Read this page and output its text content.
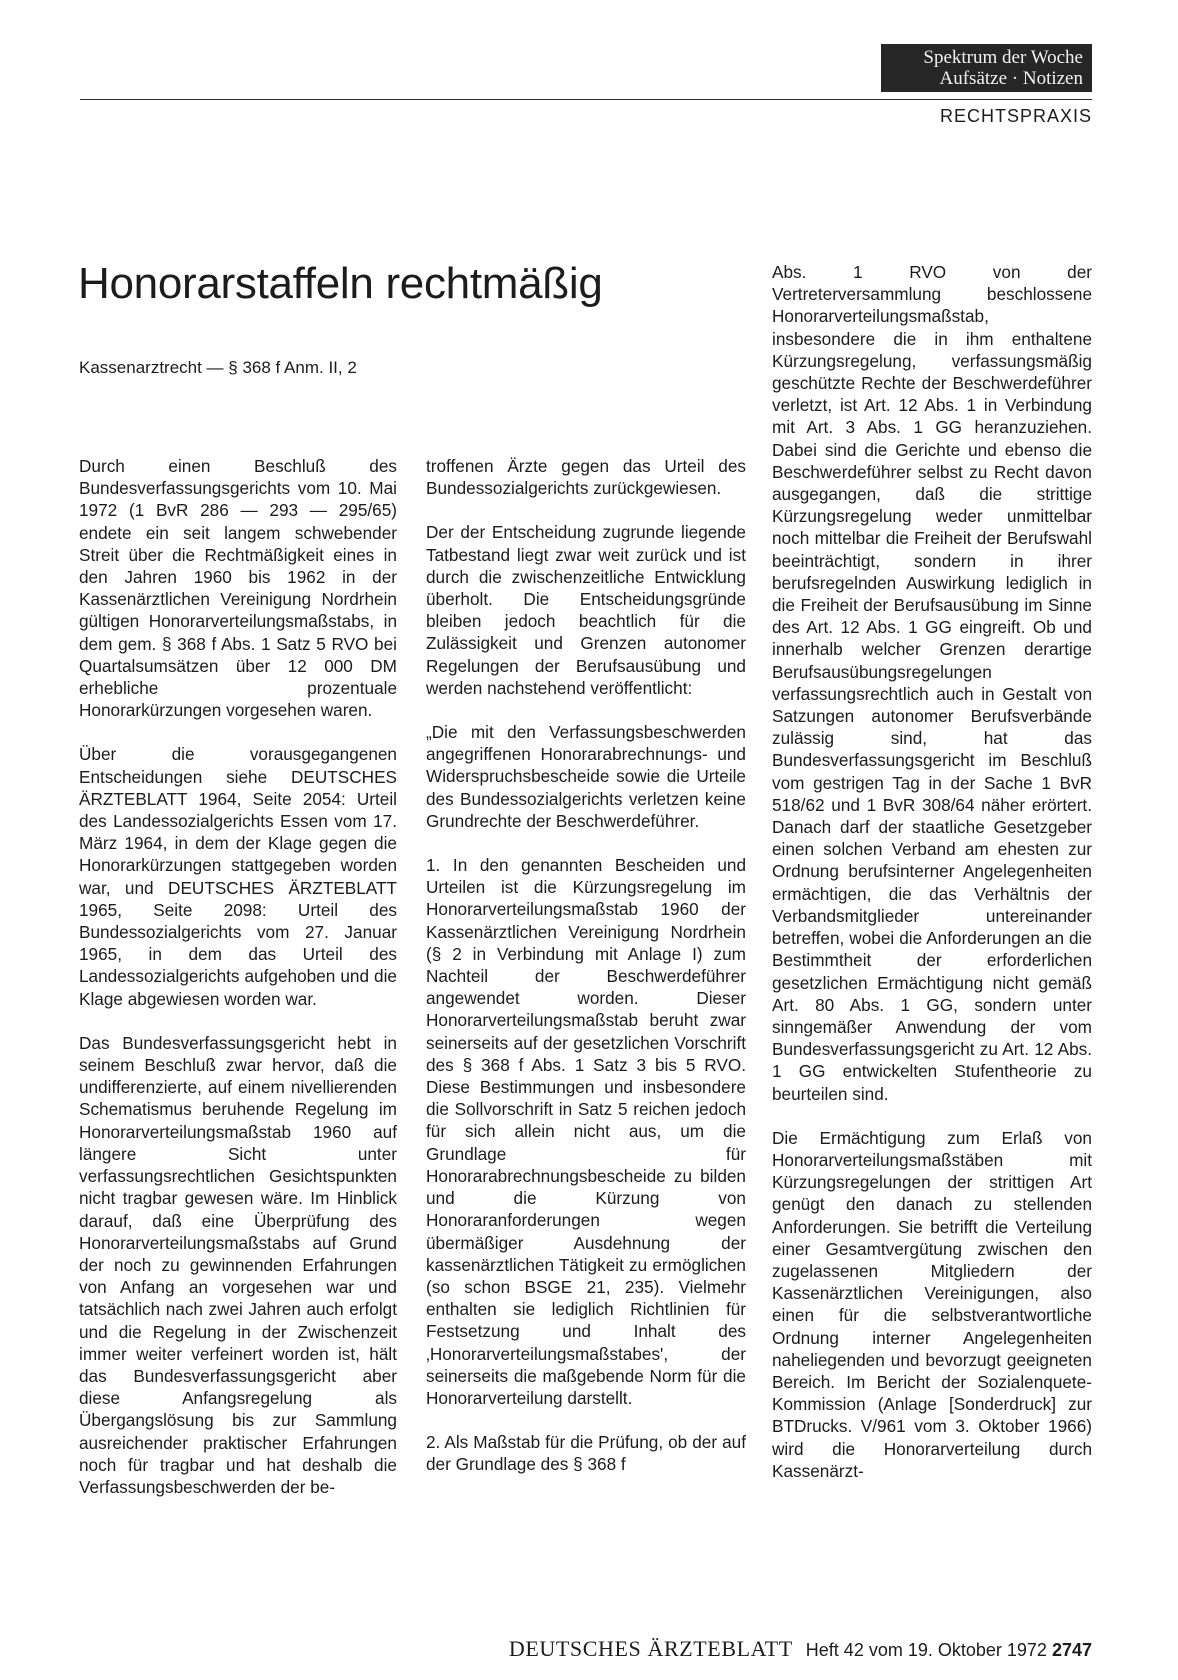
Spektrum der Woche
Aufsätze · Notizen
RECHTSPRAXIS
Honorarstaffeln rechtmäßig
Kassenarztrecht — § 368 f Anm. II, 2

Durch einen Beschluß des Bundesverfassungsgerichts vom 10. Mai 1972 (1 BvR 286 — 293 — 295/65) endete ein seit langem schwebender Streit über die Rechtmäßigkeit eines in den Jahren 1960 bis 1962 in der Kassenärztlichen Vereinigung Nordrhein gültigen Honorarverteilungsmaßstabs, in dem gem. § 368 f Abs. 1 Satz 5 RVO bei Quartalsumsätzen über 12 000 DM erhebliche prozentuale Honorarkürzungen vorgesehen waren.

Über die vorausgegangenen Entscheidungen siehe DEUTSCHES ÄRZTEBLATT 1964, Seite 2054: Urteil des Landessozialgerichts Essen vom 17. März 1964, in dem der Klage gegen die Honorarkürzungen stattgegeben worden war, und DEUTSCHES ÄRZTEBLATT 1965, Seite 2098: Urteil des Bundessozialgerichts vom 27. Januar 1965, in dem das Urteil des Landessozialgerichts aufgehoben und die Klage abgewiesen worden war.

Das Bundesverfassungsgericht hebt in seinem Beschluß zwar hervor, daß die undifferenzierte, auf einem nivellierenden Schematismus beruhende Regelung im Honorarverteilungsmaßstab 1960 auf längere Sicht unter verfassungsrechtlichen Gesichtspunkten nicht tragbar gewesen wäre. Im Hinblick darauf, daß eine Überprüfung des Honorarverteilungsmaßstabs auf Grund der noch zu gewinnenden Erfahrungen von Anfang an vorgesehen war und tatsächlich nach zwei Jahren auch erfolgt und die Regelung in der Zwischenzeit immer weiter verfeinert worden ist, hält das Bundesverfassungsgericht aber diese Anfangsregelung als Übergangslösung bis zur Sammlung ausreichender praktischer Erfahrungen noch für tragbar und hat deshalb die Verfassungsbeschwerden der be-

troffenen Ärzte gegen das Urteil des Bundessozialgerichts zurückgewiesen.

Der der Entscheidung zugrunde liegende Tatbestand liegt zwar weit zurück und ist durch die zwischenzeitliche Entwicklung überholt. Die Entscheidungsgründe bleiben jedoch beachtlich für die Zulässigkeit und Grenzen autonomer Regelungen der Berufsausübung und werden nachstehend veröffentlicht:

„Die mit den Verfassungsbeschwerden angegriffenen Honorarabrechnungs- und Widerspruchsbescheide sowie die Urteile des Bundessozialgerichts verletzen keine Grundrechte der Beschwerdeführer.

1. In den genannten Bescheiden und Urteilen ist die Kürzungsregelung im Honorarverteilungsmaßstab 1960 der Kassenärztlichen Vereinigung Nordrhein (§ 2 in Verbindung mit Anlage I) zum Nachteil der Beschwerdeführer angewendet worden. Dieser Honorarverteilungsmaßstab beruht zwar seinerseits auf der gesetzlichen Vorschrift des § 368 f Abs. 1 Satz 3 bis 5 RVO. Diese Bestimmungen und insbesondere die Sollvorschrift in Satz 5 reichen jedoch für sich allein nicht aus, um die Grundlage für Honorarabrechnungsbescheide zu bilden und die Kürzung von Honoraranforderungen wegen übermäßiger Ausdehnung der kassenärztlichen Tätigkeit zu ermöglichen (so schon BSGE 21, 235). Vielmehr enthalten sie lediglich Richtlinien für Festsetzung und Inhalt des ‚Honorarverteilungsmaßstabes', der seinerseits die maßgebende Norm für die Honorarverteilung darstellt.

2. Als Maßstab für die Prüfung, ob der auf der Grundlage des § 368 f

Abs. 1 RVO von der Vertreterversammlung beschlossene Honorarverteilungsmaßstab, insbesondere die in ihm enthaltene Kürzungsregelung, verfassungsmäßig geschützte Rechte der Beschwerdeführer verletzt, ist Art. 12 Abs. 1 in Verbindung mit Art. 3 Abs. 1 GG heranzuziehen. Dabei sind die Gerichte und ebenso die Beschwerdeführer selbst zu Recht davon ausgegangen, daß die strittige Kürzungsregelung weder unmittelbar noch mittelbar die Freiheit der Berufswahl beeinträchtigt, sondern in ihrer berufsregelnden Auswirkung lediglich in die Freiheit der Berufsausübung im Sinne des Art. 12 Abs. 1 GG eingreift. Ob und innerhalb welcher Grenzen derartige Berufsausübungsregelungen verfassungsrechtlich auch in Gestalt von Satzungen autonomer Berufsverbände zulässig sind, hat das Bundesverfassungsgericht im Beschluß vom gestrigen Tag in der Sache 1 BvR 518/62 und 1 BvR 308/64 näher erörtert. Danach darf der staatliche Gesetzgeber einen solchen Verband am ehesten zur Ordnung berufsinterner Angelegenheiten ermächtigen, die das Verhältnis der Verbandsmitglieder untereinander betreffen, wobei die Anforderungen an die Bestimmtheit der erforderlichen gesetzlichen Ermächtigung nicht gemäß Art. 80 Abs. 1 GG, sondern unter sinngemäßer Anwendung der vom Bundesverfassungsgericht zu Art. 12 Abs. 1 GG entwickelten Stufentheorie zu beurteilen sind.

Die Ermächtigung zum Erlaß von Honorarverteilungsmaßstäben mit Kürzungsregelungen der strittigen Art genügt den danach zu stellenden Anforderungen. Sie betrifft die Verteilung einer Gesamtvergütung zwischen den zugelassenen Mitgliedern der Kassenärztlichen Vereinigungen, also einen für die selbstverantwortliche Ordnung interner Angelegenheiten naheliegenden und bevorzugt geeigneten Bereich. Im Bericht der Sozialenquete-Kommission (Anlage [Sonderdruck] zur BTDrucks. V/961 vom 3. Oktober 1966) wird die Honorarverteilung durch Kassenärzt-

DEUTSCHES ÄRZTEBLATT Heft 42 vom 19. Oktober 1972 2747
